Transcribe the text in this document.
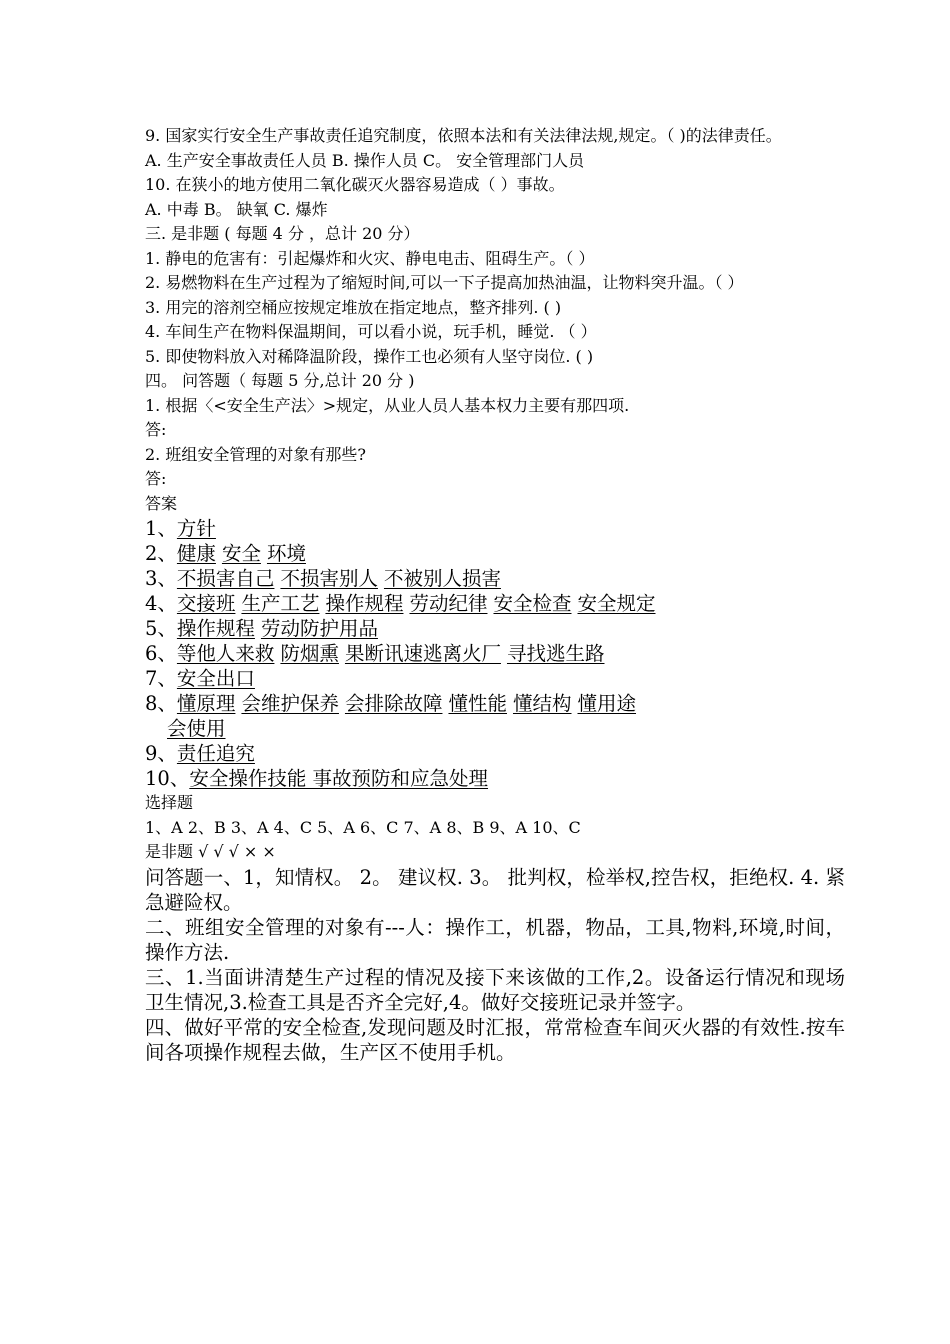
9. 国家实行安全生产事故责任追究制度，依照本法和有关法律法规,规定。（ )的法律责任。
A. 生产安全事故责任人员 B. 操作人员 C。 安全管理部门人员
10. 在狭小的地方使用二氧化碳灭火器容易造成（ ）事故。
A. 中毒 B。 缺氧 C. 爆炸
三. 是非题 ( 每题 4 分 ，总计 20 分）
1. 静电的危害有：引起爆炸和火灾、静电电击、阻碍生产。（ ）
2. 易燃物料在生产过程为了缩短时间,可以一下子提高加热油温，让物料突升温。（ ）
3. 用完的溶剂空桶应按规定堆放在指定地点，整齐排列. ( )
4. 车间生产在物料保温期间，可以看小说，玩手机，睡觉. （ ）
5. 即使物料放入对稀降温阶段，操作工也必须有人坚守岗位. ( )
四。 问答题（ 每题 5 分,总计 20 分 )
1. 根据〈<安全生产法〉>规定，从业人员人基本权力主要有那四项.
答:
2. 班组安全管理的对象有那些?
答:
答案
1、方针
2、健康 安全 环境
3、不损害自己 不损害别人 不被别人损害
4、交接班 生产工艺 操作规程 劳动纪律 安全检查 安全规定
5、操作规程 劳动防护用品
6、等他人来救 防烟熏 果断讯速逃离火厂 寻找逃生路
7、安全出口
8、懂原理 会维护保养 会排除故障 懂性能 懂结构 懂用途
会使用
9、责任追究
10、安全操作技能 事故预防和应急处理
选择题
1、A 2、B 3、A 4、C 5、A 6、C 7、A 8、B 9、A 10、C
是非题 √ √ √ × ×
问答题一、1，知情权。 2。 建议权. 3。 批判权，检举权,控告权，拒绝权. 4. 紧急避险权。
二、班组安全管理的对象有---人：操作工，机器，物品，工具,物料,环境,时间，操作方法.
三、1.当面讲清楚生产过程的情况及接下来该做的工作,2。设备运行情况和现场卫生情况,3.检查工具是否齐全完好,4。做好交接班记录并签字。
四、做好平常的安全检查,发现问题及时汇报，常常检查车间灭火器的有效性.按车间各项操作规程去做，生产区不使用手机。
